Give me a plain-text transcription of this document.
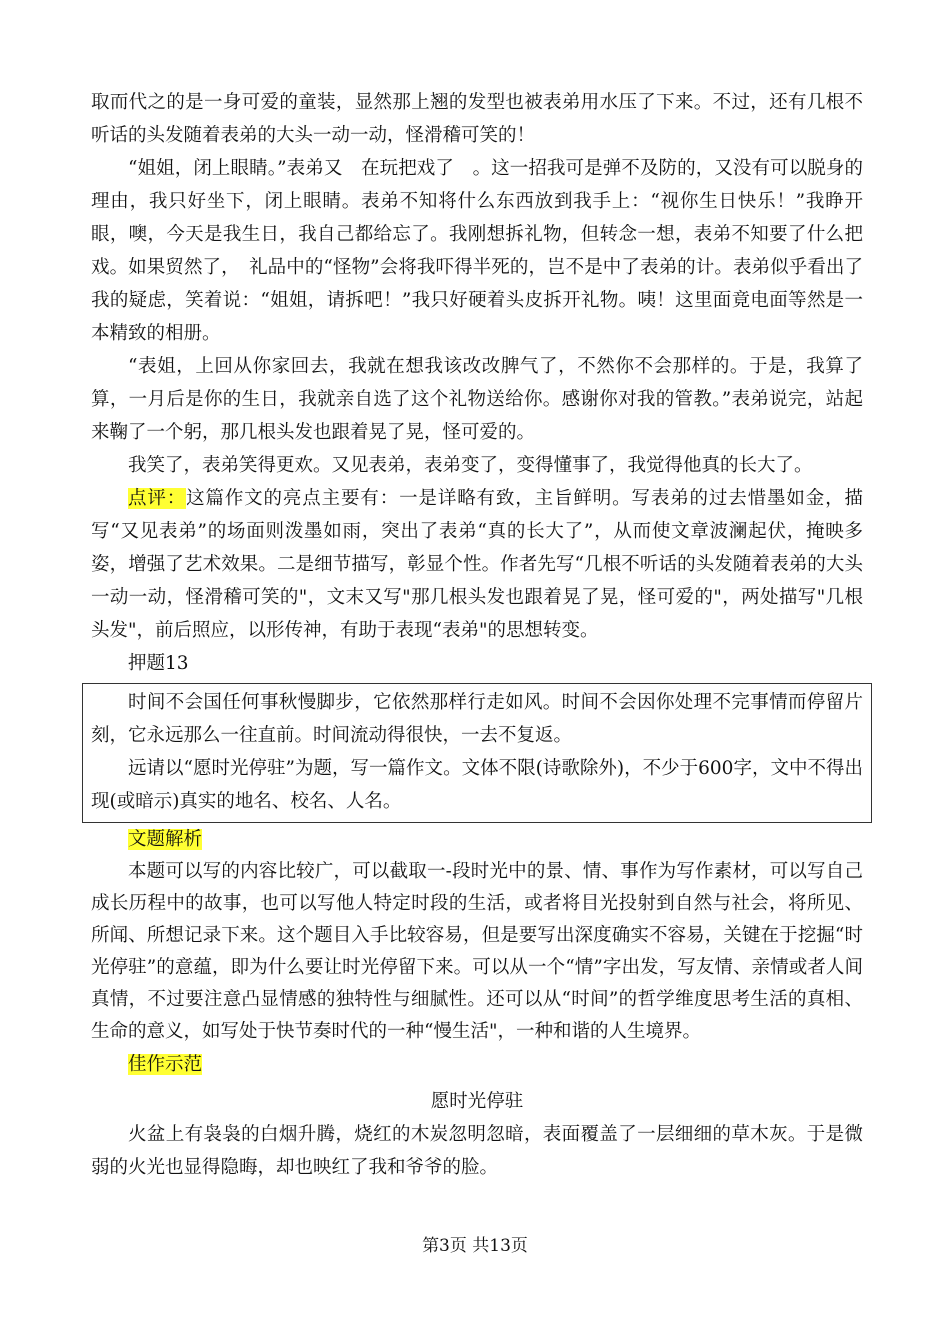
取而代之的是一身可爱的童装，显然那上翘的发型也被表弟用水压了下来。不过，还有几根不听话的头发随着表弟的大头一动一动，怪滑稽可笑的！

“姐姐，闭上眼睛。”表弟又　在玩把戏了　。这一招我可是弹不及防的，又没有可以脱身的理由，我只好坐下，闭上眼睛。表弟不知将什么东西放到我手上：“视你生日快乐！”我睁开眼，噢，今天是我生日，我自己都给忘了。我刚想拆礼物，但转念一想，表弟不知要了什么把戏。如果贸然了，　礼品中的“怪物”会将我吓得半死的，岂不是中了表弟的计。表弟似乎看出了我的疑虑，笑着说：“姐姐，请拆吧！”我只好硬着头皮拆开礼物。咦！这里面竟电面等然是一本精致的相册。

“表姐，上回从你家回去，我就在想我该改改脾气了，不然你不会那样的。于是，我算了算，一月后是你的生日，我就亲自选了这个礼物送给你。感谢你对我的管教。”表弟说完，站起来鞠了一个躬，那几根头发也跟着晃了晃，怪可爱的。

我笑了，表弟笑得更欢。又见表弟，表弟变了，变得懂事了，我觉得他真的长大了。

点评：这篇作文的亮点主要有：一是详略有致，主旨鲜明。写表弟的过去惜墨如金，描写“又见表弟”的场面则泼墨如雨，突出了表弟“真的长大了”，从而使文章波澜起伏，掩映多姿，增强了艺术效果。二是细节描写，彰显个性。作者先写“几根不听话的头发随着表弟的大头一动一动，怪滑稽可笑的"，文末又写"那几根头发也跟着晃了晃，怪可爱的"，两处描写"几根头发"，前后照应，以形传神，有助于表现“表弟"的思想转变。

押题13

时间不会国任何事秋慢脚步，它依然那样行走如风。时间不会因你处理不完事情而停留片刻，它永远那么一往直前。时间流动得很快，一去不复返。

远请以“愿时光停驻”为题，写一篇作文。文体不限(诗歌除外)，不少于600字，文中不得出现(或暗示)真实的地名、校名、人名。

文题解析

本题可以写的内容比较广，可以截取一-段时光中的景、情、事作为写作素材，可以写自己成长历程中的故事，也可以写他人特定时段的生活，或者将目光投射到自然与社会，将所见、所闻、所想记录下来。这个题目入手比较容易，但是要写出深度确实不容易，关键在于挖掘“时光停驻”的意蕴，即为什么要让时光停留下来。可以从一个“情”字出发，写友情、亲情或者人间真情，不过要注意凸显情感的独特性与细腻性。还可以从“时间”的哲学维度思考生活的真相、生命的意义，如写处于快节奏时代的一种“慢生活"，一种和谐的人生境界。

佳作示范

愿时光停驻

火盆上有袅袅的白烟升腾，烧红的木炭忽明忽暗，表面覆盖了一层细细的草木灰。于是微弱的火光也显得隐晦，却也映红了我和爷爷的脸。

第3页 共13页
